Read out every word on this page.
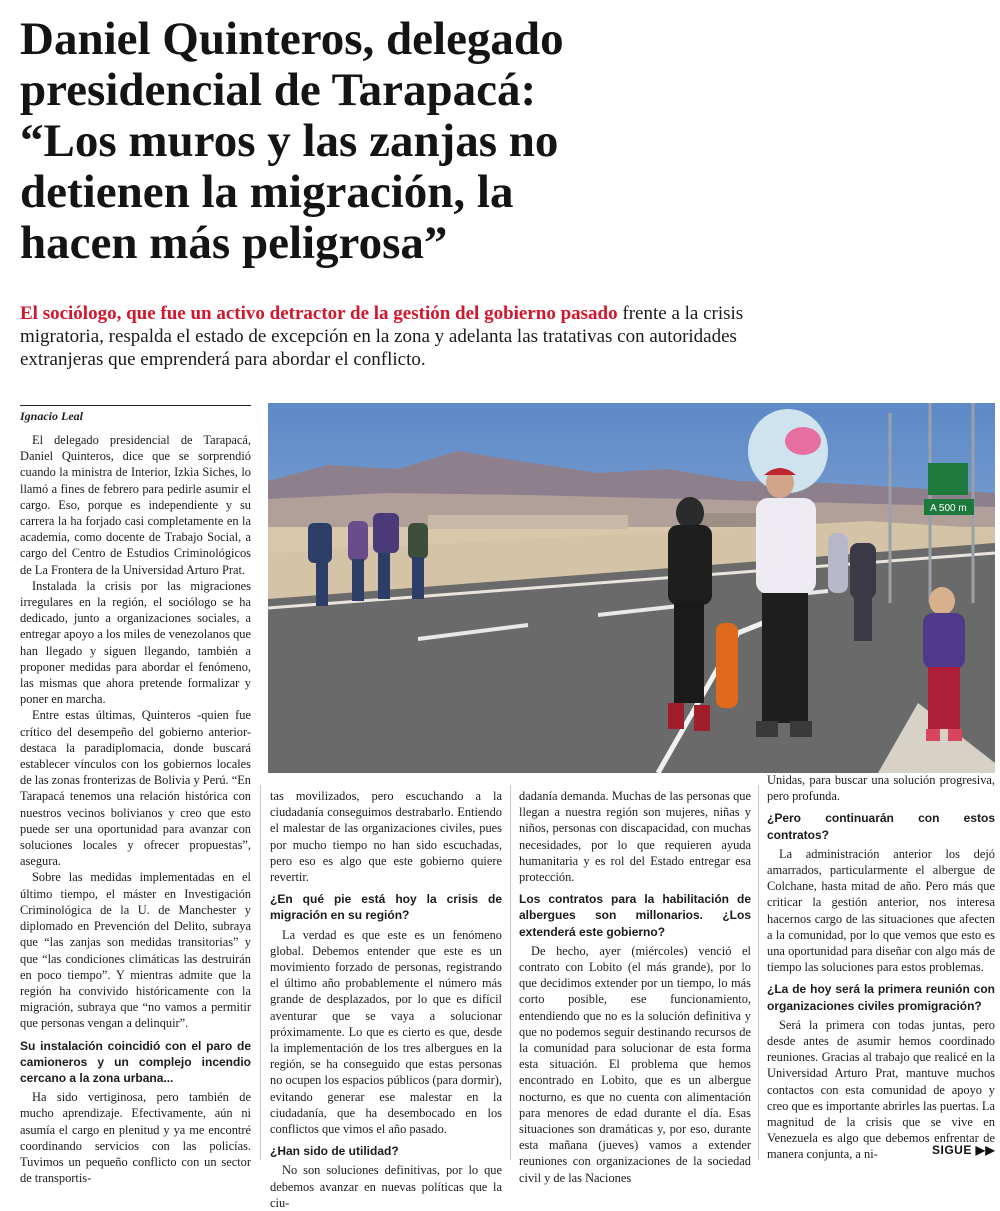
Daniel Quinteros, delegado
presidencial de Tarapacá:
“Los muros y las zanjas no
detienen la migración, la
hacen más peligrosa”
El sociólogo, que fue un activo detractor de la gestión del gobierno pasado frente a la crisis migratoria, respalda el estado de excepción en la zona y adelanta las tratativas con autoridades extranjeras que emprenderá para abordar el conflicto.
Ignacio Leal
A 500 m

El delegado presidencial de Tarapacá, Daniel Quinteros, dice que se sorprendió cuando la ministra de Interior, Izkia Siches, lo llamó a fines de febrero para pedirle asumir el cargo. Eso, porque es independiente y su carrera la ha forjado casi completamente en la academia, como docente de Trabajo Social, a cargo del Centro de Estudios Criminológicos de La Frontera de la Universidad Arturo Prat.

Instalada la crisis por las migraciones irregulares en la región, el sociólogo se ha dedicado, junto a organizaciones sociales, a entregar apoyo a los miles de venezolanos que han llegado y siguen llegando, también a proponer medidas para abordar el fenómeno, las mismas que ahora pretende formalizar y poner en marcha.

Entre estas últimas, Quinteros -quien fue crítico del desempeño del gobierno anterior- destaca la paradiplomacia, donde buscará establecer vínculos con los gobiernos locales de las zonas fronterizas de Bolivia y Perú. “En Tarapacá tenemos una relación histórica con nuestros vecinos bolivianos y creo que esto puede ser una oportunidad para avanzar con soluciones locales y ofrecer propuestas”, asegura.

Sobre las medidas implementadas en el último tiempo, el máster en Investigación Criminológica de la U. de Manchester y diplomado en Prevención del Delito, subraya que “las zanjas son medidas transitorias” y que “las condiciones climáticas las destruirán en poco tiempo”. Y mientras admite que la región ha convivido históricamente con la migración, subraya que “no vamos a permitir que personas vengan a delinquir”.

Su instalación coincidió con el paro de camioneros y un complejo incendio cercano a la zona urbana...

Ha sido vertiginosa, pero también de mucho aprendizaje. Efectivamente, aún ni asumía el cargo en plenitud y ya me encontré coordinando servicios con las policías. Tuvimos un pequeño conflicto con un sector de transportis-

tas movilizados, pero escuchando a la ciudadanía conseguimos destrabarlo. Entiendo el malestar de las organizaciones civiles, pues por mucho tiempo no han sido escuchadas, pero eso es algo que este gobierno quiere revertir.

¿En qué pie está hoy la crisis de migración en su región?

La verdad es que este es un fenómeno global. Debemos entender que este es un movimiento forzado de personas, registrando el último año probablemente el número más grande de desplazados, por lo que es difícil aventurar que se vaya a solucionar próximamente. Lo que es cierto es que, desde la implementación de los tres albergues en la región, se ha conseguido que estas personas no ocupen los espacios públicos (para dormir), evitando generar ese malestar en la ciudadanía, que ha desembocado en los conflictos que vimos el año pasado.

¿Han sido de utilidad?

No son soluciones definitivas, por lo que debemos avanzar en nuevas políticas que la ciu-

dadanía demanda. Muchas de las personas que llegan a nuestra región son mujeres, niñas y niños, personas con discapacidad, con muchas necesidades, por lo que requieren ayuda humanitaria y es rol del Estado entregar esa protección.

Los contratos para la habilitación de albergues son millonarios. ¿Los extenderá este gobierno?

De hecho, ayer (miércoles) venció el contrato con Lobito (el más grande), por lo que decidimos extender por un tiempo, lo más corto posible, ese funcionamiento, entendiendo que no es la solución definitiva y que no podemos seguir destinando recursos de la comunidad para solucionar de esta forma esta situación. El problema que hemos encontrado en Lobito, que es un albergue nocturno, es que no cuenta con alimentación para menores de edad durante el día. Esas situaciones son dramáticas y, por eso, durante esta mañana (jueves) vamos a extender reuniones con organizaciones de la sociedad civil y de las Naciones

Unidas, para buscar una solución progresiva, pero profunda.

¿Pero continuarán con estos contratos?

La administración anterior los dejó amarrados, particularmente el albergue de Colchane, hasta mitad de año. Pero más que criticar la gestión anterior, nos interesa hacernos cargo de las situaciones que afecten a la comunidad, por lo que vemos que esto es una oportunidad para diseñar con algo más de tiempo las soluciones para estos problemas.

¿La de hoy será la primera reunión con organizaciones civiles promigración?

Será la primera con todas juntas, pero desde antes de asumir hemos coordinado reuniones. Gracias al trabajo que realicé en la Universidad Arturo Prat, mantuve muchos contactos con esta comunidad de apoyo y creo que es importante abrirles las puertas. La magnitud de la crisis que se vive en Venezuela es algo que debemos enfrentar de manera conjunta, a ni-	SIGUE ▶▶
